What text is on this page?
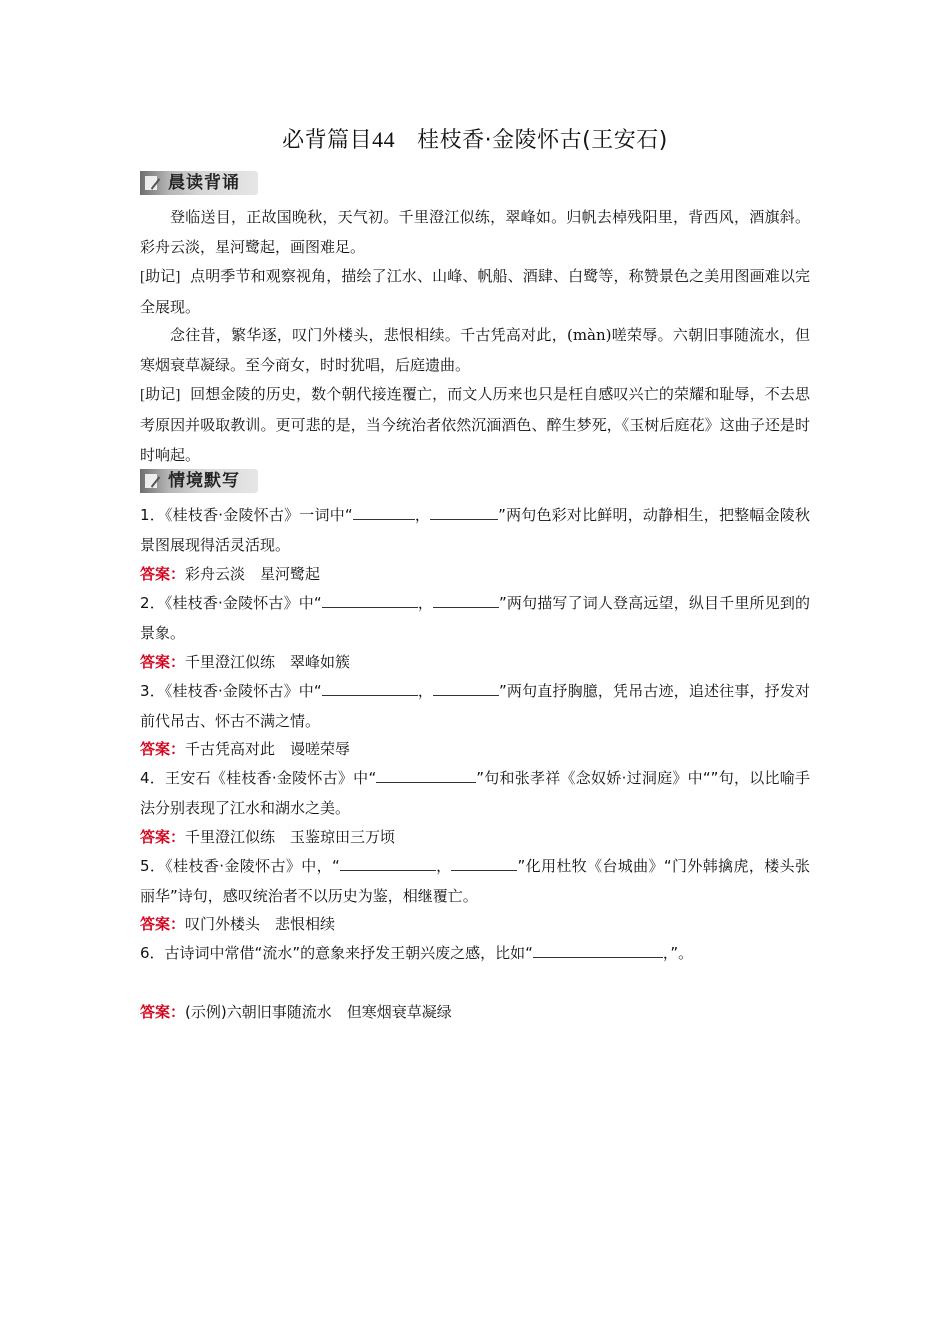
必背篇目44 桂枝香·金陵怀古(王安石)
晨读背诵
登临送目，正故国晚秋，天气初。千里澄江似练，翠峰如。归帆去棹残阳里，背西风，酒旗斜。彩舟云淡，星河鹭起，画图难足。
[助记] 点明季节和观察视角，描绘了江水、山峰、帆船、酒肆、白鹭等，称赞景色之美用图画难以完全展现。
念往昔，繁华逐，叹门外楼头，悲恨相续。千古凭高对此，(màn)嗟荣辱。六朝旧事随流水，但寒烟衰草凝绿。至今商女，时时犹唱，后庭遗曲。
[助记] 回想金陵的历史，数个朝代接连覆亡，而文人历来也只是枉自感叹兴亡的荣耀和耻辱，不去思考原因并吸取教训。更可悲的是，当今统治者依然沉湎酒色、醉生梦死，《玉树后庭花》这曲子还是时时响起。
情境默写
1．《桂枝香·金陵怀古》一词中“	，	”两句色彩对比鲜明，动静相生，把整幅金陵秋景图展现得活灵活现。
答案：彩舟云淡　星河鹭起
2．《桂枝香·金陵怀古》中“	，	”两句描写了词人登高远望，纵目千里所见到的景象。
答案：千里澄江似练　翠峰如簇
3．《桂枝香·金陵怀古》中“	，	”两句直抒胸臆，凭吊古迹，追述往事，抒发对前代吊古、怀古不满之情。
答案：千古凭高对此　谩嗟荣辱
4．王安石《桂枝香·金陵怀古》中“	”句和张孝祥《念奴娇·过洞庭》中“”句，以比喻手法分别表现了江水和湖水之美。
答案：千里澄江似练　玉鉴琼田三万顷
5．《桂枝香·金陵怀古》中，“	，	”化用杜牧《台城曲》“门外韩擒虎，楼头张丽华”诗句，感叹统治者不以历史为鉴，相继覆亡。
答案：叹门外楼头　悲恨相续
6．古诗词中常借“流水”的意象来抒发王朝兴废之感，比如“	，”。
答案：(示例)六朝旧事随流水　但寒烟衰草凝绿
